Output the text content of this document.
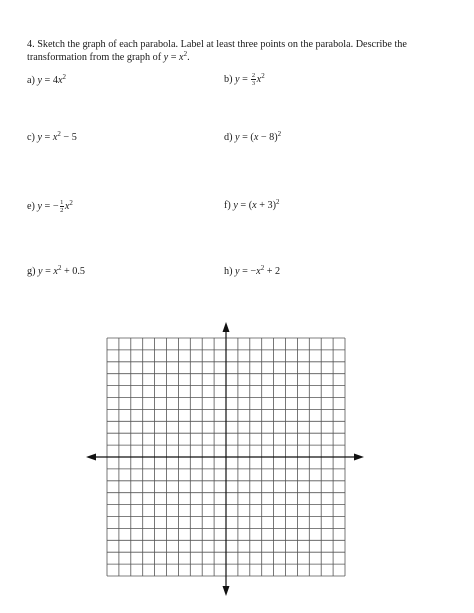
4. Sketch the graph of each parabola. Label at least three points on the parabola. Describe the
transformation from the graph of $y = x^2$.
a) $y = 4x^2$	b) $y = \frac{2}{3} x^2$
c) $y = x^2 - 5$	d) $y = (x - 8)^2$
e) y = − $\frac{1}{2} x^2$	f) $y = (x + 3)^2$
g) $y = x^2 + 0.5$	h) $y = -x^2 + 2$
